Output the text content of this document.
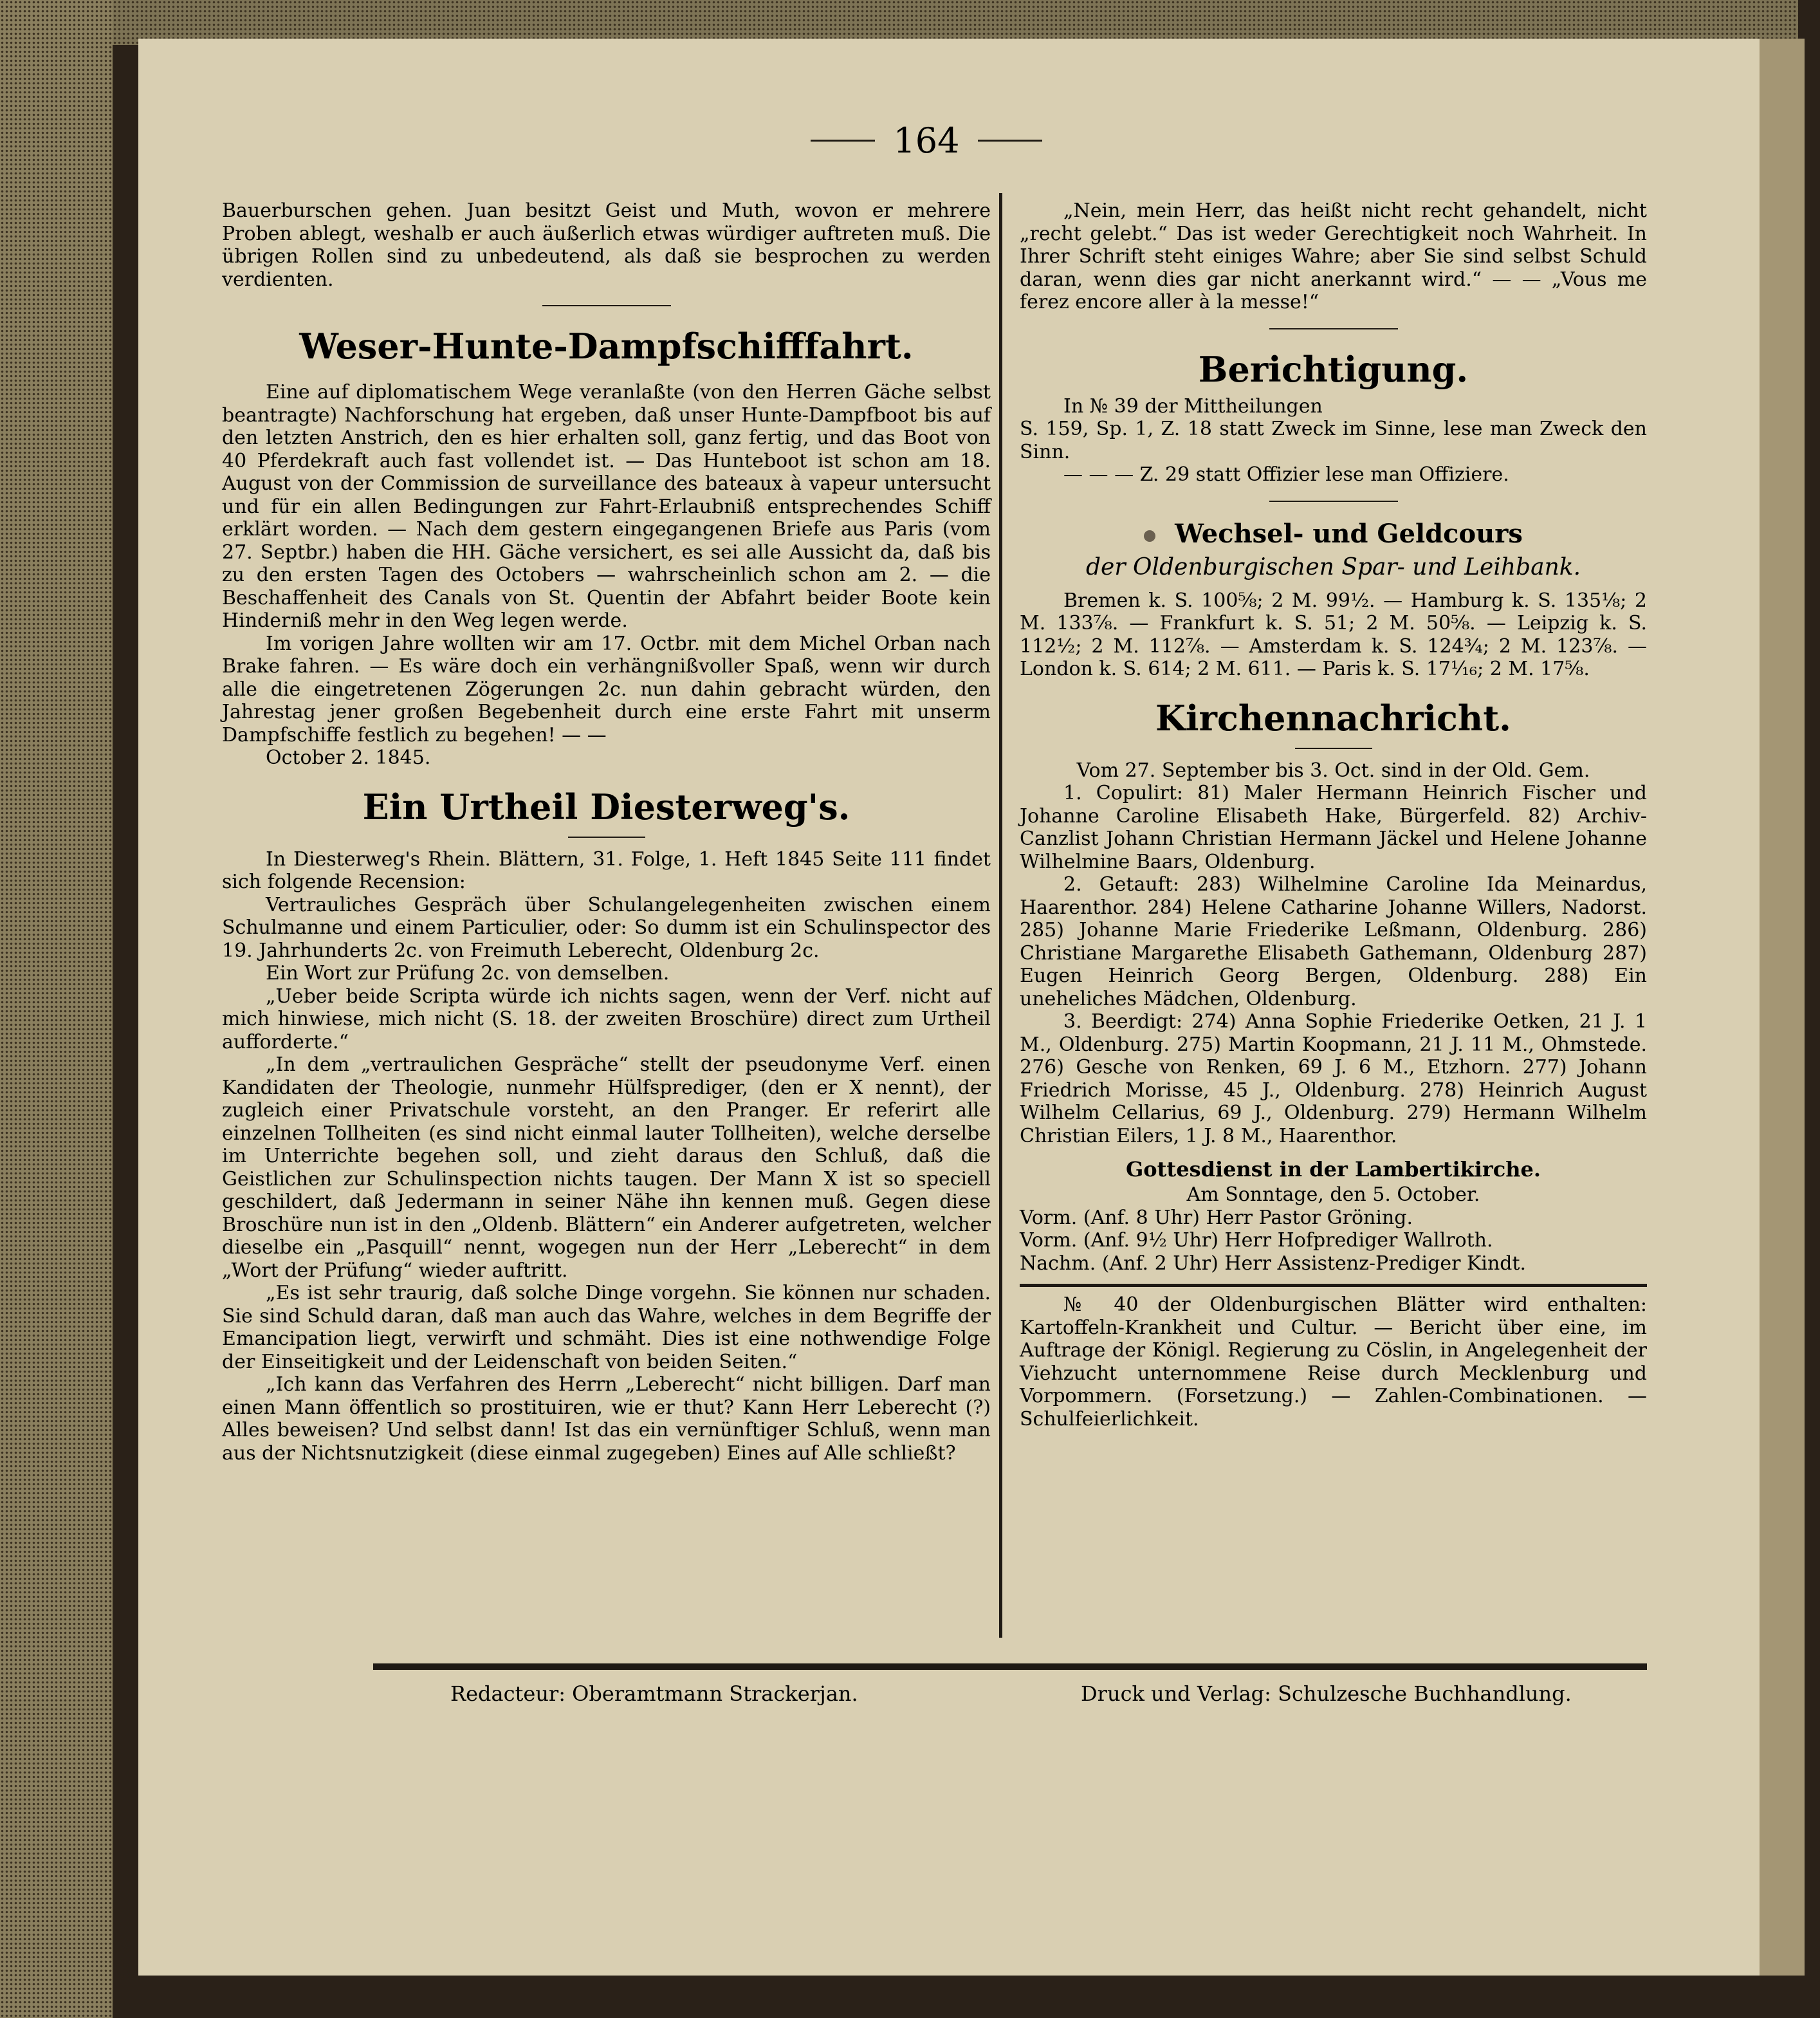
164

Bauerburschen gehen. Juan besitzt Geist und Muth, wovon er mehrere Proben ablegt, weshalb er auch äußerlich etwas würdiger auftreten muß. Die übrigen Rollen sind zu unbedeutend, als daß sie besprochen zu werden verdienten.

Weser-Hunte-Dampfschifffahrt.

Eine auf diplomatischem Wege veranlaßte (von den Herren Gäche selbst beantragte) Nachforschung hat ergeben, daß unser Hunte-Dampfboot bis auf den letzten Anstrich, den es hier erhalten soll, ganz fertig, und das Boot von 40 Pferdekraft auch fast vollendet ist. — Das Hunteboot ist schon am 18. August von der Commission de surveillance des bateaux à vapeur untersucht und für ein allen Bedingungen zur Fahrt-Erlaubniß entsprechendes Schiff erklärt worden. — Nach dem gestern eingegangenen Briefe aus Paris (vom 27. Septbr.) haben die HH. Gäche versichert, es sei alle Aussicht da, daß bis zu den ersten Tagen des Octobers — wahrscheinlich schon am 2. — die Beschaffenheit des Canals von St. Quentin der Abfahrt beider Boote kein Hinderniß mehr in den Weg legen werde.

Im vorigen Jahre wollten wir am 17. Octbr. mit dem Michel Orban nach Brake fahren. — Es wäre doch ein verhängnißvoller Spaß, wenn wir durch alle die eingetretenen Zögerungen 2c. nun dahin gebracht würden, den Jahrestag jener großen Begebenheit durch eine erste Fahrt mit unserm Dampfschiffe festlich zu begehen! — —

October 2. 1845.

Ein Urtheil Diesterweg's.

In Diesterweg's Rhein. Blättern, 31. Folge, 1. Heft 1845 Seite 111 findet sich folgende Recension:

Vertrauliches Gespräch über Schulangelegenheiten zwischen einem Schulmanne und einem Particulier, oder: So dumm ist ein Schulinspector des 19. Jahrhunderts 2c. von Freimuth Leberecht, Oldenburg 2c.

Ein Wort zur Prüfung 2c. von demselben.

„Ueber beide Scripta würde ich nichts sagen, wenn der Verf. nicht auf mich hinwiese, mich nicht (S. 18. der zweiten Broschüre) direct zum Urtheil aufforderte.“

„In dem „vertraulichen Gespräche“ stellt der pseudonyme Verf. einen Kandidaten der Theologie, nunmehr Hülfsprediger, (den er X nennt), der zugleich einer Privatschule vorsteht, an den Pranger. Er referirt alle einzelnen Tollheiten (es sind nicht einmal lauter Tollheiten), welche derselbe im Unterrichte begehen soll, und zieht daraus den Schluß, daß die Geistlichen zur Schulinspection nichts taugen. Der Mann X ist so speciell geschildert, daß Jedermann in seiner Nähe ihn kennen muß. Gegen diese Broschüre nun ist in den „Oldenb. Blättern“ ein Anderer aufgetreten, welcher dieselbe ein „Pasquill“ nennt, wogegen nun der Herr „Leberecht“ in dem „Wort der Prüfung“ wieder auftritt.

„Es ist sehr traurig, daß solche Dinge vorgehn. Sie können nur schaden. Sie sind Schuld daran, daß man auch das Wahre, welches in dem Begriffe der Emancipation liegt, verwirft und schmäht. Dies ist eine nothwendige Folge der Einseitigkeit und der Leidenschaft von beiden Seiten.“

„Ich kann das Verfahren des Herrn „Leberecht“ nicht billigen. Darf man einen Mann öffentlich so prostituiren, wie er thut? Kann Herr Leberecht (?) Alles beweisen? Und selbst dann! Ist das ein vernünftiger Schluß, wenn man aus der Nichtsnutzigkeit (diese einmal zugegeben) Eines auf Alle schließt?

„Nein, mein Herr, das heißt nicht recht gehandelt, nicht „recht gelebt.“ Das ist weder Gerechtigkeit noch Wahrheit. In Ihrer Schrift steht einiges Wahre; aber Sie sind selbst Schuld daran, wenn dies gar nicht anerkannt wird.“ — — „Vous me ferez encore aller à la messe!“

Berichtigung.

In № 39 der Mittheilungen

S. 159, Sp. 1, Z. 18 statt Zweck im Sinne, lese man Zweck den Sinn.

— — — Z. 29 statt Offizier lese man Offiziere.

Wechsel- und Geldcours
der Oldenburgischen Spar- und Leihbank.

Bremen k. S. 100⅝; 2 M. 99½. — Hamburg k. S. 135⅛; 2 M. 133⅞. — Frankfurt k. S. 51; 2 M. 50⅝. — Leipzig k. S. 112½; 2 M. 112⅞. — Amsterdam k. S. 124¾; 2 M. 123⅞. — London k. S. 614; 2 M. 611. — Paris k. S. 17¹⁄₁₆; 2 M. 17⅝.

Kirchennachricht.

Vom 27. September bis 3. Oct. sind in der Old. Gem.

1. Copulirt: 81) Maler Hermann Heinrich Fischer und Johanne Caroline Elisabeth Hake, Bürgerfeld. 82) Archiv-Canzlist Johann Christian Hermann Jäckel und Helene Johanne Wilhelmine Baars, Oldenburg.

2. Getauft: 283) Wilhelmine Caroline Ida Meinardus, Haarenthor. 284) Helene Catharine Johanne Willers, Nadorst. 285) Johanne Marie Friederike Leßmann, Oldenburg. 286) Christiane Margarethe Elisabeth Gathemann, Oldenburg 287) Eugen Heinrich Georg Bergen, Oldenburg. 288) Ein uneheliches Mädchen, Oldenburg.

3. Beerdigt: 274) Anna Sophie Friederike Oetken, 21 J. 1 M., Oldenburg. 275) Martin Koopmann, 21 J. 11 M., Ohmstede. 276) Gesche von Renken, 69 J. 6 M., Etzhorn. 277) Johann Friedrich Morisse, 45 J., Oldenburg. 278) Heinrich August Wilhelm Cellarius, 69 J., Oldenburg. 279) Hermann Wilhelm Christian Eilers, 1 J. 8 M., Haarenthor.

Gottesdienst in der Lambertikirche.

Am Sonntage, den 5. October.

Vorm. (Anf. 8 Uhr) Herr Pastor Gröning.

Vorm. (Anf. 9½ Uhr) Herr Hofprediger Wallroth.

Nachm. (Anf. 2 Uhr) Herr Assistenz-Prediger Kindt.

№ 40 der Oldenburgischen Blätter wird enthalten: Kartoffeln-Krankheit und Cultur. — Bericht über eine, im Auftrage der Königl. Regierung zu Cöslin, in Angelegenheit der Viehzucht unternommene Reise durch Mecklenburg und Vorpommern. (Forsetzung.) — Zahlen-Combinationen. — Schulfeierlichkeit.

Redacteur: Oberamtmann Strackerjan.	Druck und Verlag: Schulzesche Buchhandlung.
